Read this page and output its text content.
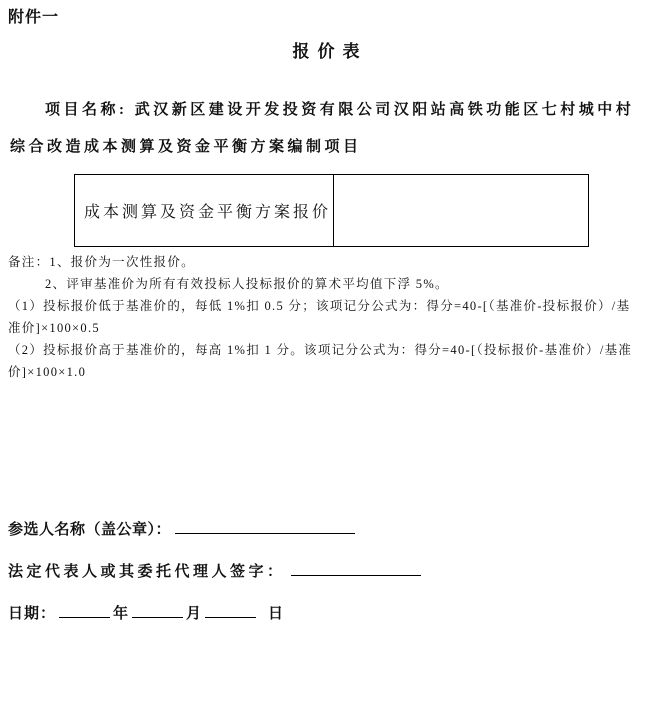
附件一
报价表

项目名称: 武汉新区建设开发投资有限公司汉阳站高铁功能区七村城中村综合改造成本测算及资金平衡方案编制项目

成本测算及资金平衡方案报价	
备注：1、报价为一次性报价。
2、评审基准价为所有有效投标人投标报价的算术平均值下浮 5%。
（1）投标报价低于基准价的，每低 1%扣 0.5 分；该项记分公式为：得分=40-[（基准价-投标报价）/基准价]×100×0.5
（2）投标报价高于基准价的，每高 1%扣 1 分。该项记分公式为：得分=40-[（投标报价-基准价）/基准价]×100×1.0
参选人名称（盖公章）：
法定代表人或其委托代理人签字：
日期：	年	月	日
